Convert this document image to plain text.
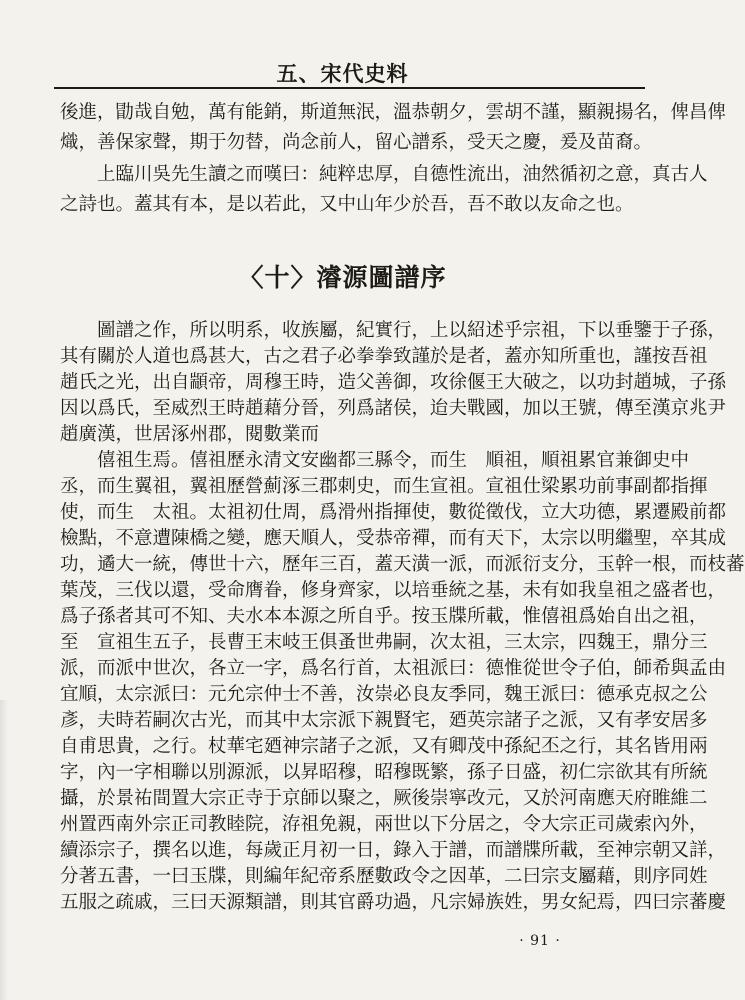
五、宋代史料
後進，勖哉自勉，萬有能銷，斯道無泯，溫恭朝夕，雲胡不謹，顯親揚名，俾昌俾
熾，善保家聲，期于勿替，尚念前人，留心譜系，受天之慶，爰及苗裔。
　　上臨川吳先生讀之而嘆曰：純粹忠厚，自德性流出，油然循初之意，真古人
之詩也。蓋其有本，是以若此，又中山年少於吾，吾不敢以友命之也。
〈十〉濬源圖譜序
　　圖譜之作，所以明系，收族屬，紀實行，上以紹述乎宗祖，下以垂鑒于子孫，
其有關於人道也爲甚大，古之君子必拳拳致謹於是者，蓋亦知所重也，謹按吾祖
趙氏之光，出自顓帝，周穆王時，造父善御，攻徐偃王大破之，以功封趙城，子孫
因以爲氏，至威烈王時趙藉分晉，列爲諸侯，迨夫戰國，加以王號，傳至漢京兆尹
趙廣漢，世居涿州郡，閱數業而
　　僖祖生焉。僖祖歷永清文安幽都三縣令，而生　順祖，順祖累官兼御史中
丞，而生翼祖，翼祖歷營薊涿三郡刺史，而生宣祖。宣祖仕梁累功前事副都指揮
使，而生　太祖。太祖初仕周，爲滑州指揮使，數從徵伐，立大功德，累遷殿前都
檢點，不意遭陳橋之變，應天順人，受恭帝禪，而有天下，太宗以明繼聖，卒其成
功，遹大一統，傳世十六，歷年三百，蓋天潢一派，而派衍支分，玉幹一根，而枝蕃
葉茂，三伐以還，受命膺眷，修身齊家，以培垂統之基，未有如我皇祖之盛者也，
爲子孫者其可不知、夫水本本源之所自乎。按玉牒所載，惟僖祖爲始自出之祖，
至　宣祖生五子，長曹王末岐王俱蚤世弗嗣，次太祖，三太宗，四魏王，鼎分三
派，而派中世次，各立一字，爲名行首，太祖派曰：德惟從世令子伯，師希與孟由
宜順，太宗派曰：元允宗仲士不善，汝崇必良友季同，魏王派曰：德承克叔之公
彥，夫時若嗣次古光，而其中太宗派下親賢宅，廼英宗諸子之派，又有孝安居多
自甫思貴，之行。杖華宅廼神宗諸子之派，又有卿茂中孫紀丕之行，其名皆用兩
字，內一字相聯以別源派，以昇昭穆，昭穆既繁，孫子日盛，初仁宗欲其有所統
攝，於景祐間置大宗正寺于京師以聚之，厥後崇寧改元，又於河南應天府睢維二
州置西南外宗正司教睦院，洊祖免親，兩世以下分居之，令大宗正司歲索內外，
續添宗子，撰名以進，每歲正月初一日，錄入于譜，而譜牒所載，至神宗朝又詳，
分著五書，一曰玉牒，則編年紀帝系歷數政令之因革，二曰宗支屬藉，則序同姓
五服之疏戚，三曰天源類譜，則其官爵功過，凡宗婦族姓，男女紀焉，四曰宗蕃慶
· 91 ·
